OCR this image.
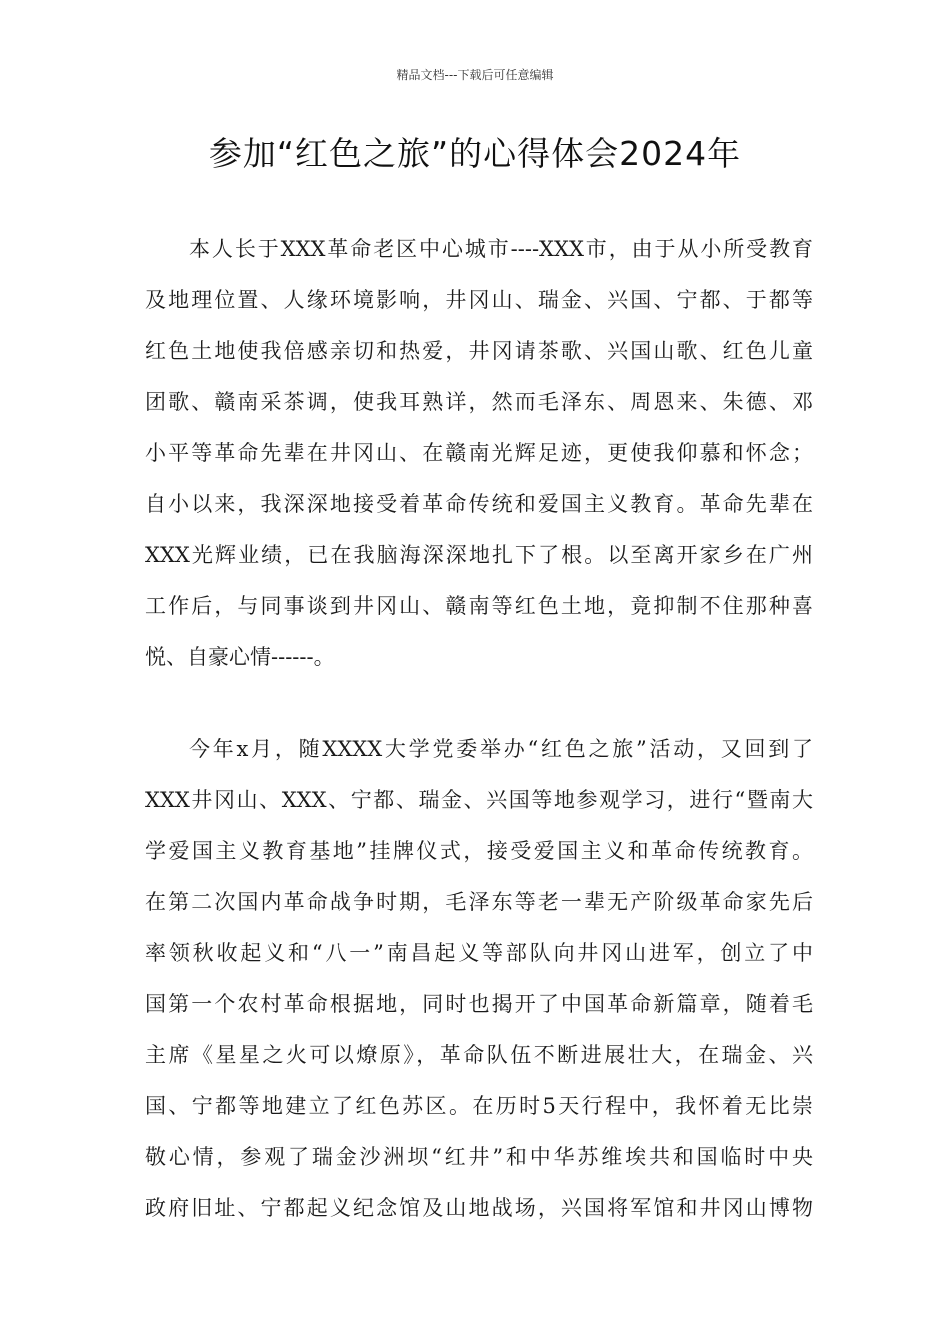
精品文档---下载后可任意编辑
参加“红色之旅”的心得体会2024年
本人长于XXX革命老区中心城市----XXX市，由于从小所受教育
及地理位置、人缘环境影响，井冈山、瑞金、兴国、宁都、于都等
红色土地使我倍感亲切和热爱，井冈请茶歌、兴国山歌、红色儿童
团歌、赣南采茶调，使我耳熟详，然而毛泽东、周恩来、朱德、邓
小平等革命先辈在井冈山、在赣南光辉足迹，更使我仰慕和怀念；
自小以来，我深深地接受着革命传统和爱国主义教育。革命先辈在
XXX光辉业绩，已在我脑海深深地扎下了根。以至离开家乡在广州
工作后，与同事谈到井冈山、赣南等红色土地，竟抑制不住那种喜
悦、自豪心情------。
今年x月，随XXXX大学党委举办“红色之旅”活动，又回到了
XXX井冈山、XXX、宁都、瑞金、兴国等地参观学习，进行“暨南大
学爱国主义教育基地”挂牌仪式，接受爱国主义和革命传统教育。
在第二次国内革命战争时期，毛泽东等老一辈无产阶级革命家先后
率领秋收起义和“八一”南昌起义等部队向井冈山进军，创立了中
国第一个农村革命根据地，同时也揭开了中国革命新篇章，随着毛
主席《星星之火可以燎原》，革命队伍不断进展壮大，在瑞金、兴
国、宁都等地建立了红色苏区。在历时5天行程中，我怀着无比崇
敬心情，参观了瑞金沙洲坝“红井”和中华苏维埃共和国临时中央
政府旧址、宁都起义纪念馆及山地战场，兴国将军馆和井冈山博物
